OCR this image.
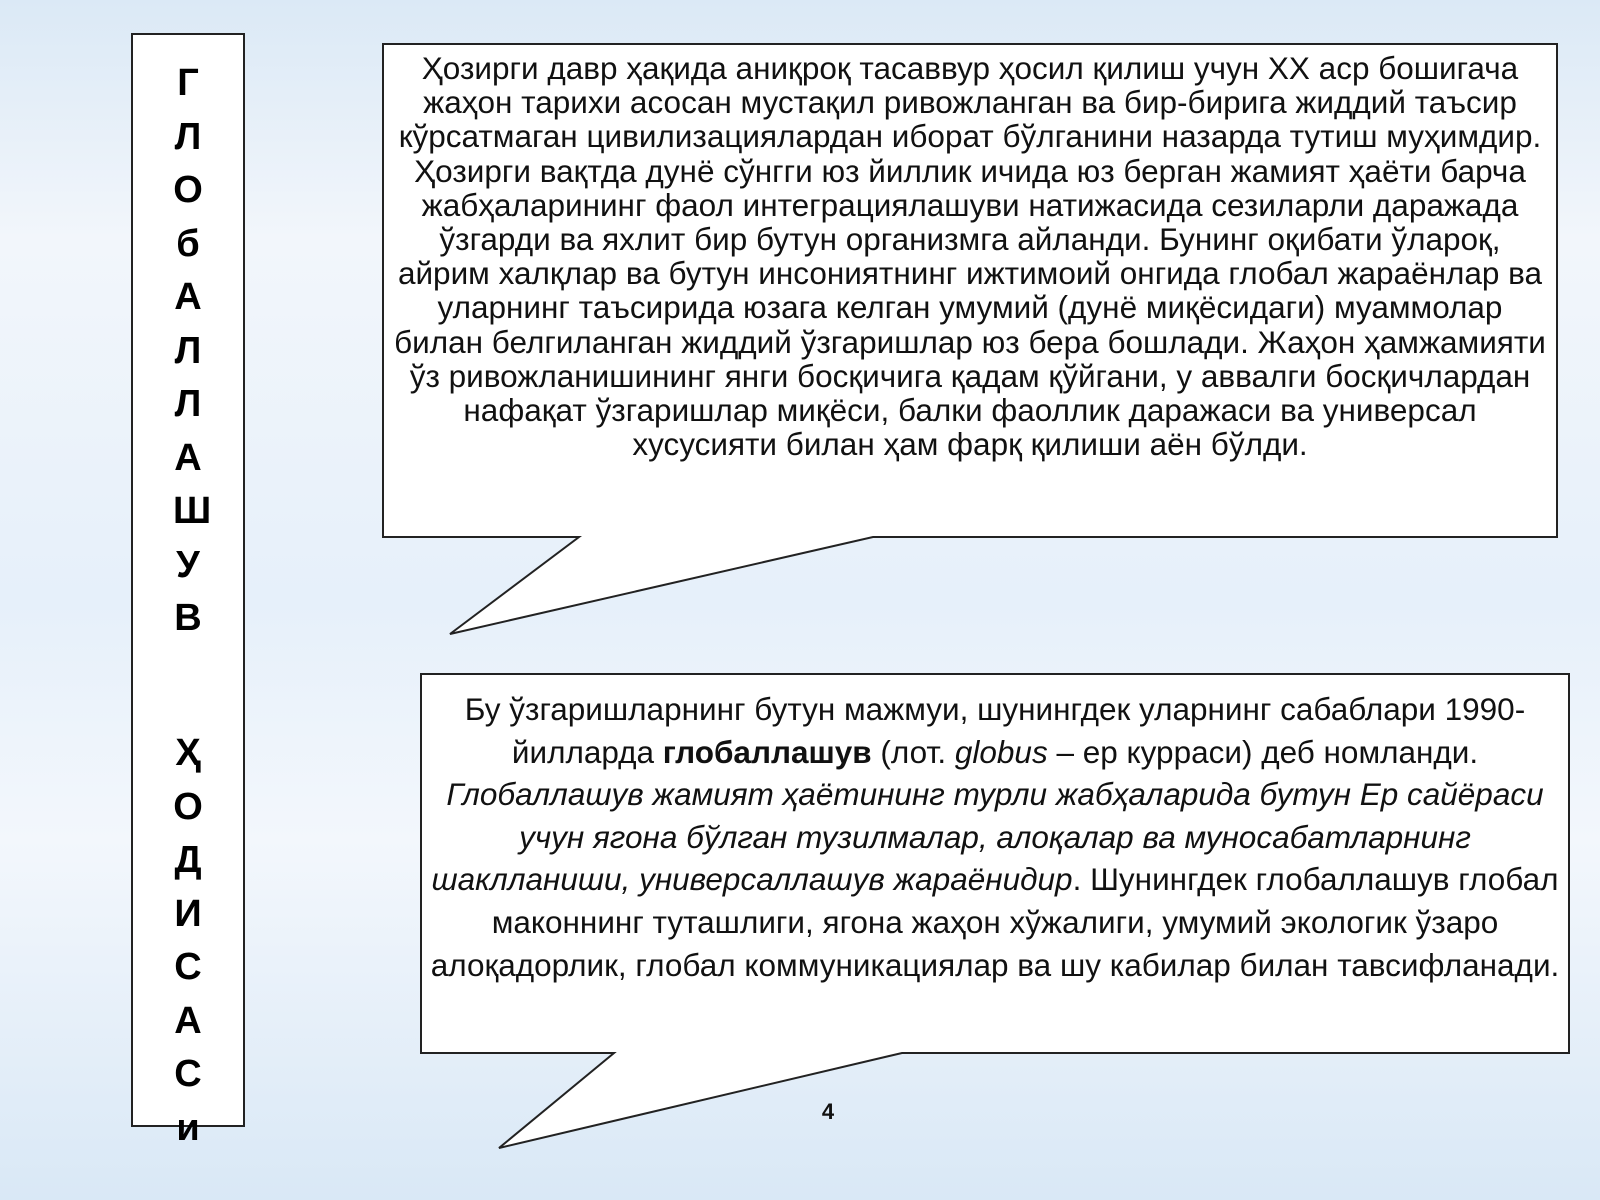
ГЛОбАЛЛАШУВ
ҲОДИСАСи
Ҳозирги давр ҳақида аниқроқ тасаввур ҳосил қилиш учун ХХ аср бошигача жаҳон тарихи асосан мустақил ривожланган ва бир-бирига жиддий таъсир кўрсатмаган цивилизациялардан иборат бўлганини назарда тутиш муҳимдир. Ҳозирги вақтда дунё сўнгги юз йиллик ичида юз берган жамият ҳаёти барча жабҳаларининг фаол интеграциялашуви натижасида сезиларли даражада ўзгарди ва яхлит бир бутун организмга айланди. Бунинг оқибати ўлароқ, айрим халқлар ва бутун инсониятнинг ижтимоий онгида глобал жараёнлар ва уларнинг таъсирида юзага келган умумий (дунё миқёсидаги) муаммолар билан белгиланган жиддий ўзгаришлар юз бера бошлади. Жаҳон ҳамжамияти ўз ривожланишининг янги босқичига қадам қўйгани, у аввалги босқичлардан нафақат ўзгаришлар миқёси, балки фаоллик даражаси ва универсал хусусияти билан ҳам фарқ қилиши аён бўлди.
Бу ўзгаришларнинг бутун мажмуи, шунингдек уларнинг сабаблари 1990-йилларда глобаллашув (лот. globus – ер курраси) деб номланди. Глобаллашув жамият ҳаётининг турли жабҳаларида бутун Ер сайёраси учун ягона бўлган тузилмалар, алоқалар ва муносабатларнинг шаклланиши, универсаллашув жараёнидир. Шунингдек глобаллашув глобал маконнинг туташлиги, ягона жаҳон хўжалиги, умумий экологик ўзаро алоқадорлик, глобал коммуникациялар ва шу кабилар билан тавсифланади.
4
